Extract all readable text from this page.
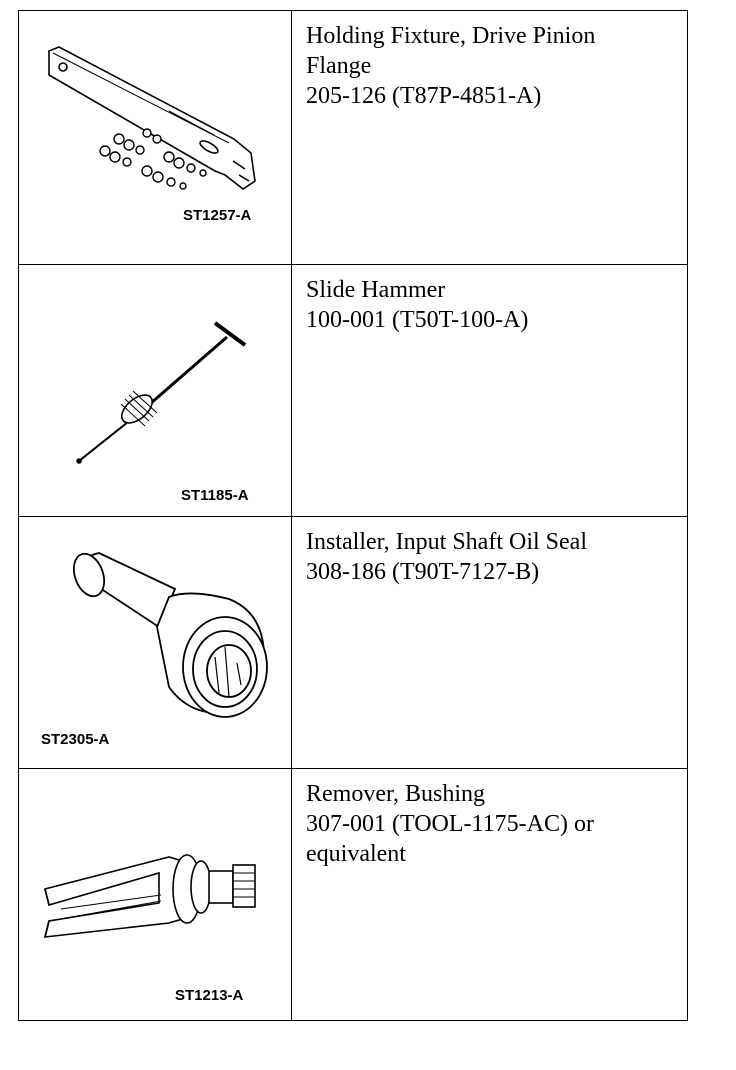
ST1257-A	Holding Fixture, Drive Pinion
Flange
205-126 (T87P-4851-A)

ST1185-A	Slide Hammer
100-001 (T50T-100-A)

ST2305-A	Installer, Input Shaft Oil Seal
308-186 (T90T-7127-B)

ST1213-A	Remover, Bushing
307-001 (TOOL-1175-AC) or
equivalent
